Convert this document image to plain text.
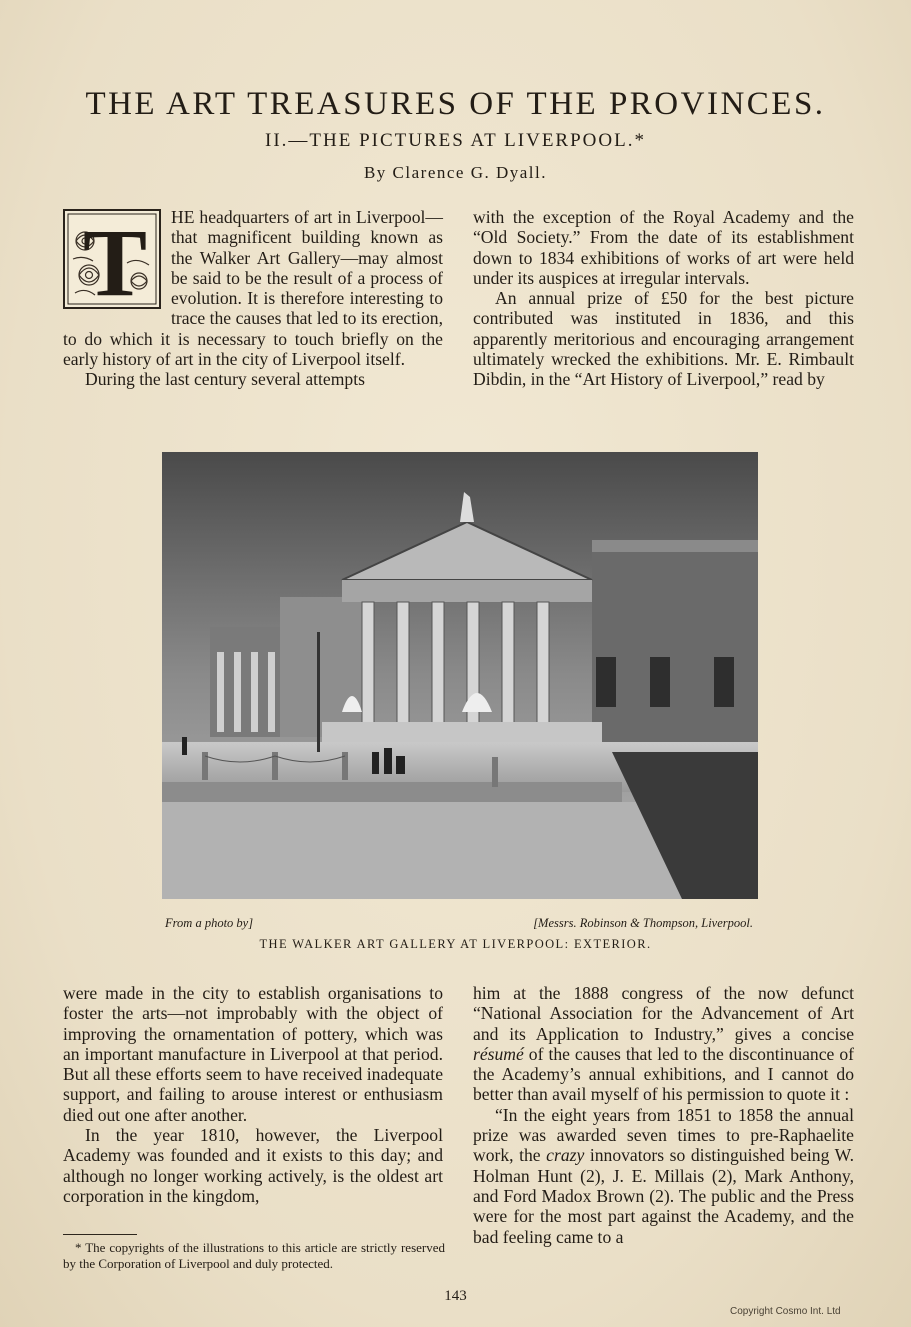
THE ART TREASURES OF THE PROVINCES.
II.—THE PICTURES AT LIVERPOOL.*
By Clarence G. Dyall.
T	HE headquarters of art in Liverpool—that magnificent building known as the Walker Art Gallery—may almost be said to be the result of a process of evolution. It is therefore interesting to trace the causes that led to its erection, to do which it is necessary to touch briefly on the early history of art in the city of Liverpool itself.

During the last century several attempts

with the exception of the Royal Academy and the “Old Society.” From the date of its establishment down to 1834 exhibitions of works of art were held under its auspices at irregular intervals.

An annual prize of £50 for the best picture contributed was instituted in 1836, and this apparently meritorious and encouraging arrangement ultimately wrecked the exhibitions. Mr. E. Rimbault Dibdin, in the “Art History of Liverpool,” read by

From a photo by]	[Messrs. Robinson & Thompson, Liverpool.
THE WALKER ART GALLERY AT LIVERPOOL: EXTERIOR.

were made in the city to establish organisations to foster the arts—not improbably with the object of improving the ornamentation of pottery, which was an important manufacture in Liverpool at that period. But all these efforts seem to have received inadequate support, and failing to arouse interest or enthusiasm died out one after another.

In the year 1810, however, the Liverpool Academy was founded and it exists to this day; and although no longer working actively, is the oldest art corporation in the kingdom,

him at the 1888 congress of the now defunct “National Association for the Advancement of Art and its Application to Industry,” gives a concise résumé of the causes that led to the discontinuance of the Academy’s annual exhibitions, and I cannot do better than avail myself of his permission to quote it :

“In the eight years from 1851 to 1858 the annual prize was awarded seven times to pre-Raphaelite work, the crazy innovators so distinguished being W. Holman Hunt (2), J. E. Millais (2), Mark Anthony, and Ford Madox Brown (2). The public and the Press were for the most part against the Academy, and the bad feeling came to a

* The copyrights of the illustrations to this article are strictly reserved by the Corporation of Liverpool and duly protected.

143
Copyright Cosmo Int. Ltd
